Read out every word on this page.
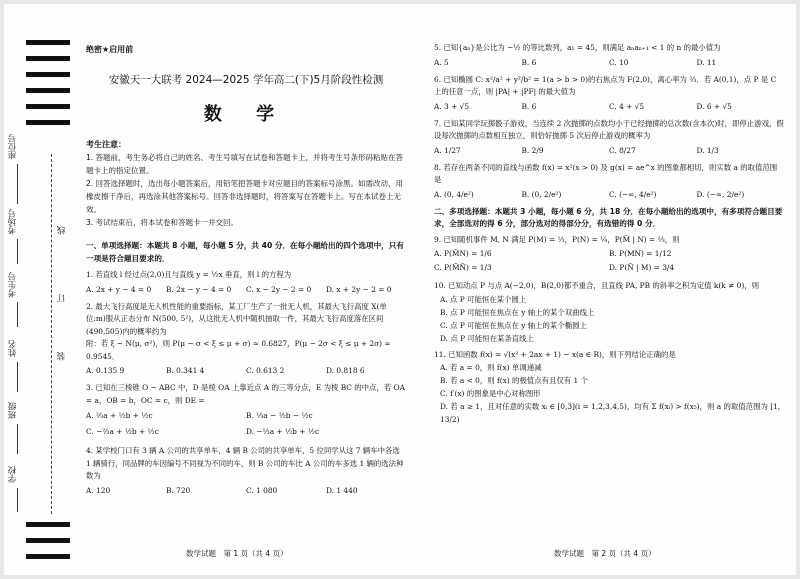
座位号
考场号
考生号
姓名
班级
学校
线
订
装
绝密★启用前
安徽天一大联考 2024—2025 学年高二(下)5月阶段性检测
数 学

考生注意：

1. 答题前，考生务必将自己的姓名、考生号填写在试卷和答题卡上，并将考生号条形码粘贴在答题卡上的指定位置。

2. 回答选择题时，选出每小题答案后，用铅笔把答题卡对应题目的答案标号涂黑。如需改动，用橡皮擦干净后，再选涂其他答案标号。回答非选择题时，将答案写在答题卡上。写在本试卷上无效。

3. 考试结束后，将本试卷和答题卡一并交回。

一、单项选择题：本题共 8 小题，每小题 5 分，共 40 分．在每小题给出的四个选项中，只有一项是符合题目要求的．

1. 若直线 l 经过点(2,0)且与直线 y = ½x 垂直，则 l 的方程为

A. 2x + y − 4 = 0	B. 2x − y − 4 = 0	C. x − 2y − 2 = 0	D. x + 2y − 2 = 0

2. 最大飞行高度是无人机性能的重要指标，某工厂生产了一批无人机，其最大飞行高度 X(单位:m)服从正态分布 N(500, 5²)，从这批无人机中随机抽取一件，其最大飞行高度落在区间(490,505)内的概率约为

附：若 ξ ~ N(μ, σ²)，则 P(μ − σ < ξ ≤ μ + σ) ≈ 0.6827，P(μ − 2σ < ξ ≤ μ + 2σ) ≈ 0.9545．

A. 0.135 9	B. 0.341 4	C. 0.613 2	D. 0.818 6

3. 已知在三棱锥 O − ABC 中，D 是棱 OA 上靠近点 A 的三等分点，E 为棱 BC 的中点，若 OA = a，OB = b，OC = c，则 DE =

A. ⅔a + ½b + ½c	B. ⅓a − ½b − ½c
C. −⅔a + ½b + ½c	D. −⅓a + ½b + ½c

4. 某学校门口有 3 辆 A 公司的共享单车，4 辆 B 公司的共享单车，5 位同学从这 7 辆车中各选 1 辆骑行，同品牌的车因编号不同视为不同的车，则 B 公司的车比 A 公司的车多选 1 辆的选法种数为

A. 120	B. 720	C. 1 080	D. 1 440
数学试题　第 1 页（共 4 页）

5. 已知{aₙ}是公比为 −½ 的等比数列，a₁ = 45，则满足 aₙaₙ₊₁ < 1 的 n 的最小值为

A. 5	B. 6	C. 10	D. 11

6. 已知椭圆 C: x²/a² + y²/b² = 1(a > b > 0)的右焦点为 F(2,0)，离心率为 ⅔．若 A(0,1)，点 P 是 C 上的任意一点，则 |PA| + |PF| 的最大值为

A. 3 + √5	B. 6	C. 4 + √5	D. 6 + √5

7. 已知某同学玩掷骰子游戏，当连续 2 次抛掷的点数均小于已经抛掷的总次数(含本次)时，即停止游戏，假设每次抛掷的点数相互独立，则恰好抛掷 5 次后停止游戏的概率为

A. 1/27	B. 2/9	C. 8/27	D. 1/3

8. 若存在两条不同的直线与函数 f(x) = x²(x > 0) 及 g(x) = ae^x 的图象都相切，则实数 a 的取值范围是

A. (0, 4/e²)	B. (0, 2/e²)	C. (−∞, 4/e²)	D. (−∞, 2/e²)

二、多项选择题：本题共 3 小题，每小题 6 分，共 18 分．在每小题给出的选项中，有多项符合题目要求，全部选对的得 6 分，部分选对的得部分分，有选错的得 0 分．

9. 已知随机事件 M, N 满足 P(M) = ⅓，P(N) = ¼，P(M̄ | N) = ⅔，则

A. P(M̄N) = 1/6	B. P(MN) = 1/12
C. P(M̄N̄) = 1/3	D. P(N̄ | M) = 3/4

10. 已知动点 P 与点 A(−2,0)，B(2,0)都不重合，且直线 PA, PB 的斜率之积为定值 k(k ≠ 0)，则

A. 点 P 可能恒在某个圆上

B. 点 P 可能恒在焦点在 y 轴上的某个双曲线上

C. 点 P 可能恒在焦点在 y 轴上的某个椭圆上

D. 点 P 可能恒在某条直线上

11. 已知函数 f(x) = √(x² + 2ax + 1) − x(a ∈ R)，则下列结论正确的是

A. 若 a = 0，则 f(x) 单调递减

B. 若 a < 0，则 f(x) 的极值点有且仅有 1 个

C. f′(x) 的图象是中心对称图形

D. 若 a ≥ 1，且对任意的实数 xᵢ ∈ [0,3](i = 1,2,3,4,5)，均有 Σ f(xᵢ) > f(x₅)，则 a 的取值范围为 [1, 13/2)

数学试题　第 2 页（共 4 页）
